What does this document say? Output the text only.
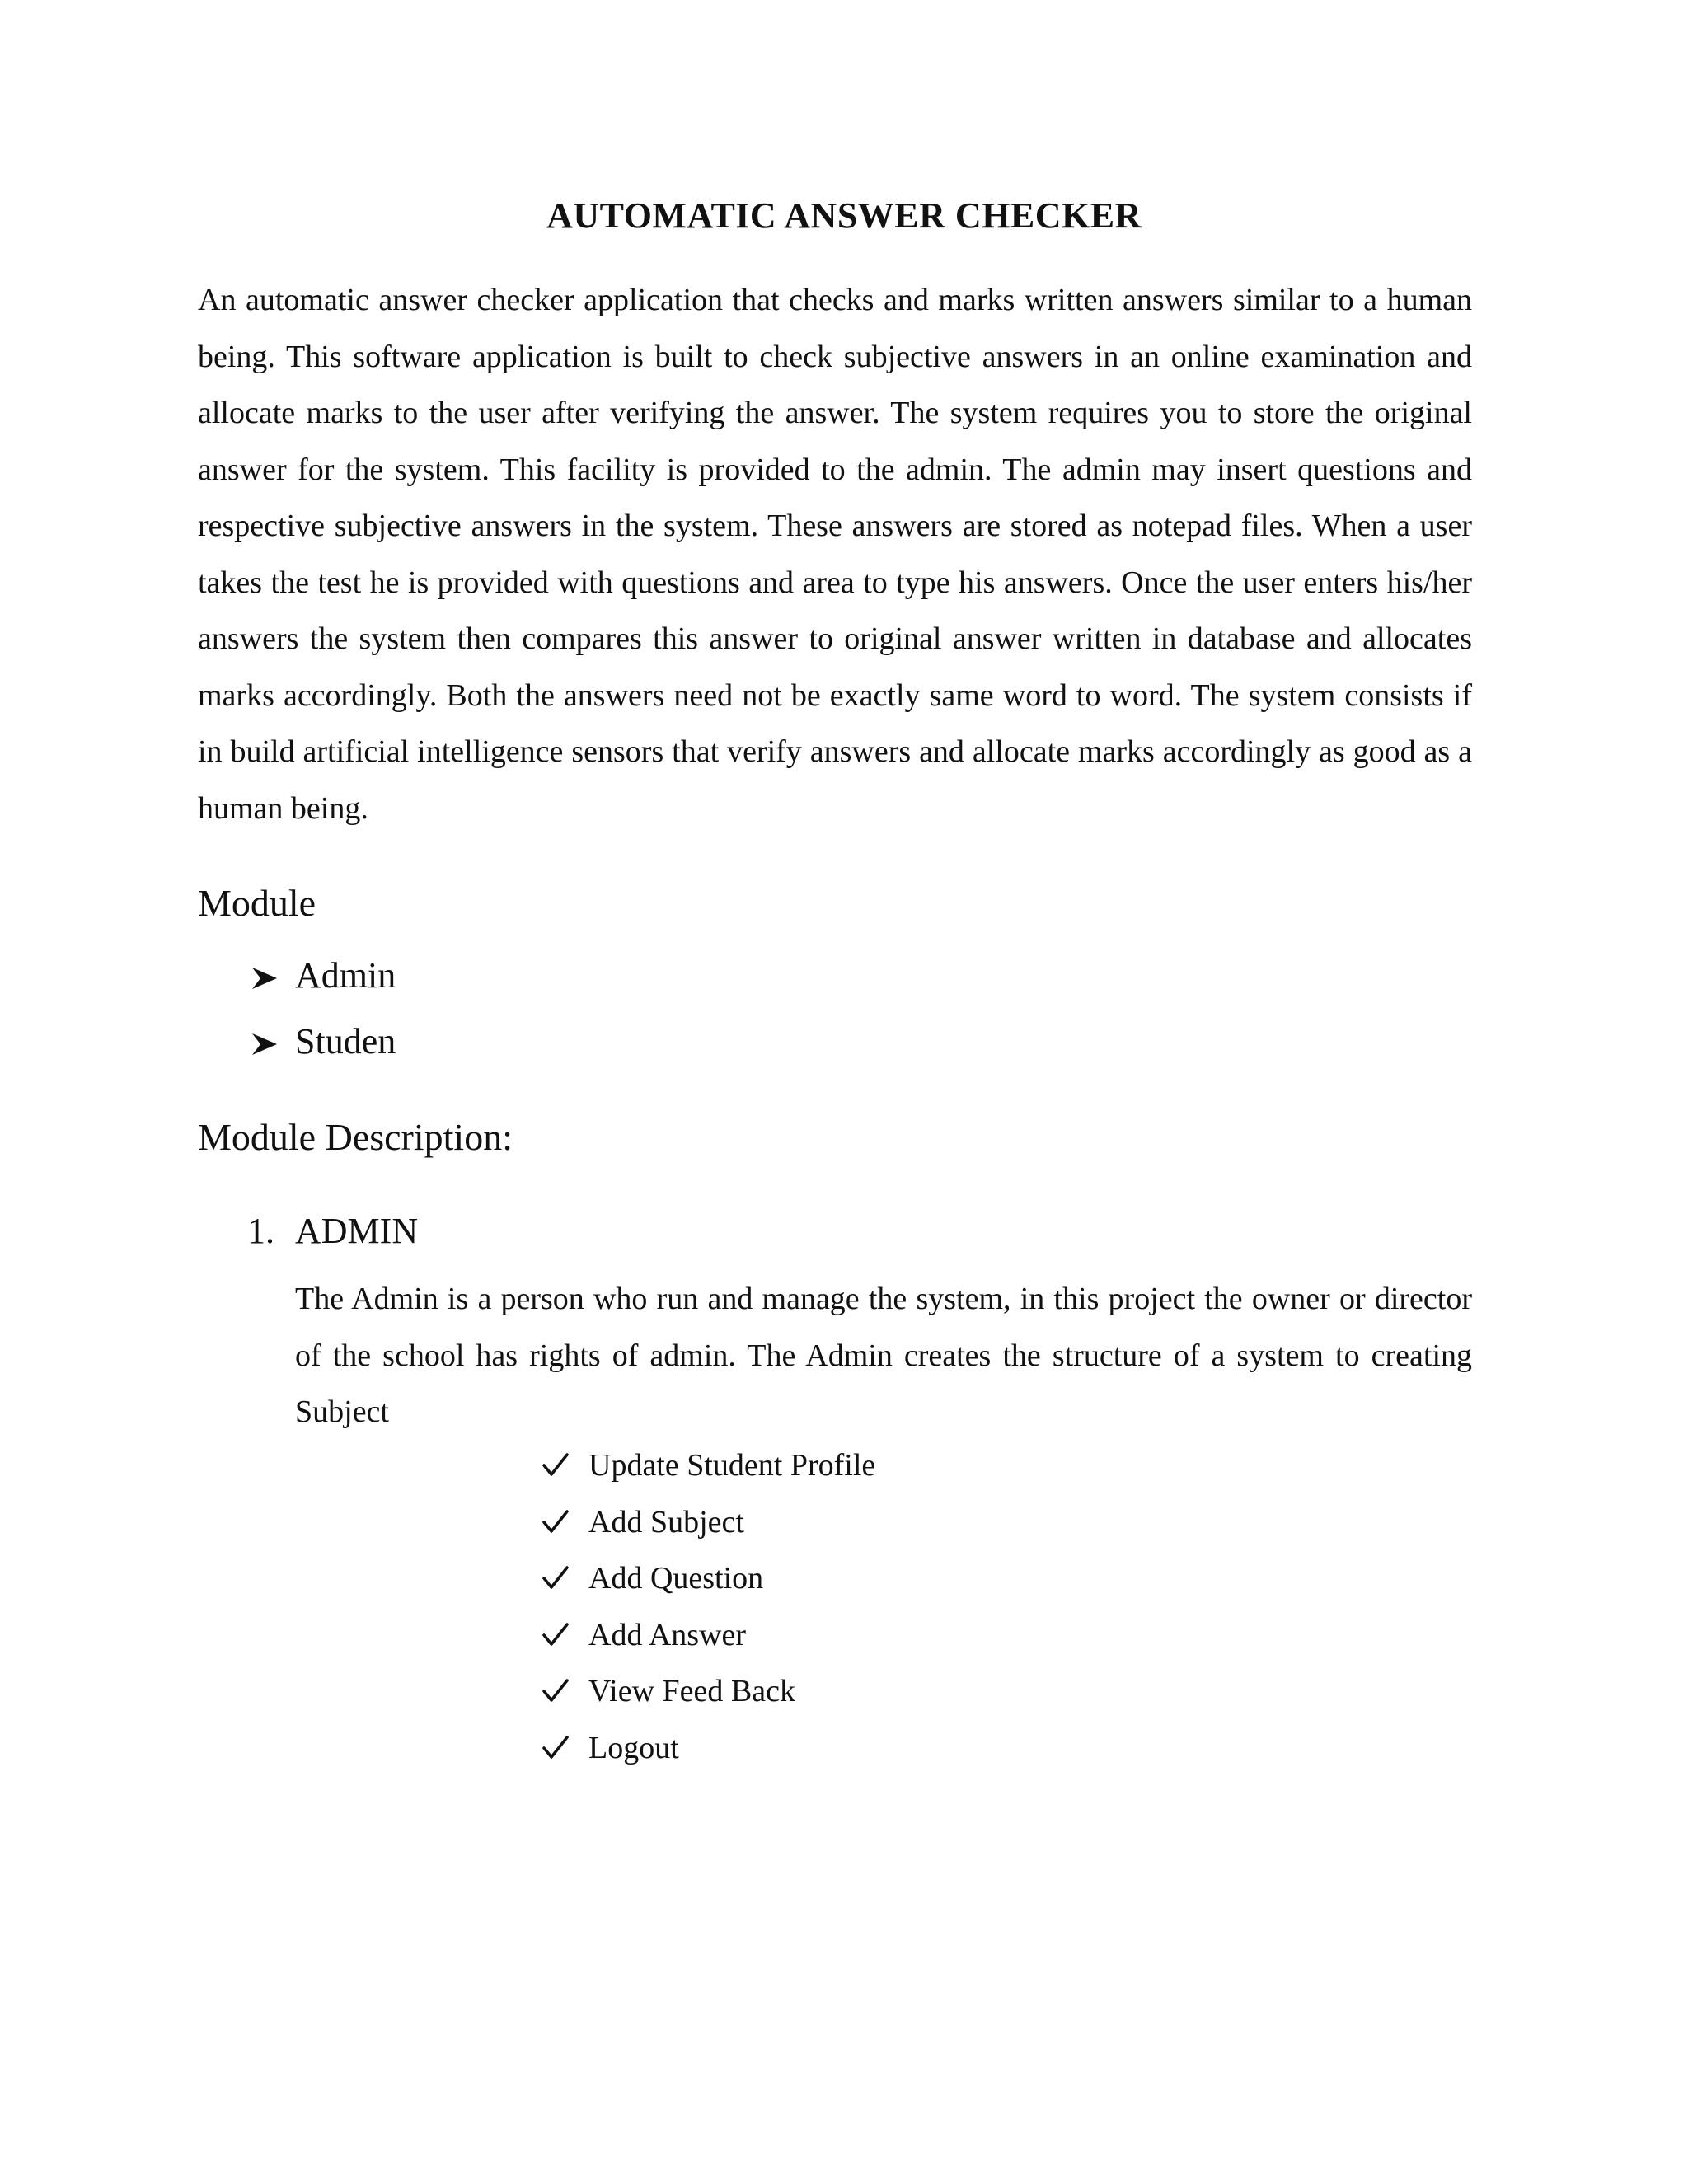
AUTOMATIC ANSWER CHECKER

An automatic answer checker application that checks and marks written answers similar to a human being. This software application is built to check subjective answers in an online examination and allocate marks to the user after verifying the answer. The system requires you to store the original answer for the system. This facility is provided to the admin. The admin may insert questions and respective subjective answers in the system. These answers are stored as notepad files. When a user takes the test he is provided with questions and area to type his answers. Once the user enters his/her answers the system then compares this answer to original answer written in database and allocates marks accordingly. Both the answers need not be exactly same word to word. The system consists if in build artificial intelligence sensors that verify answers and allocate marks accordingly as good as a human being.

Module
Admin
Studen
Module Description:
1. ADMIN

The Admin is a person who run and manage the system, in this project the owner or director of the school has rights of admin. The Admin creates the structure of a system to creating Subject

Update Student Profile
Add Subject
Add Question
Add Answer
View Feed Back
Logout
